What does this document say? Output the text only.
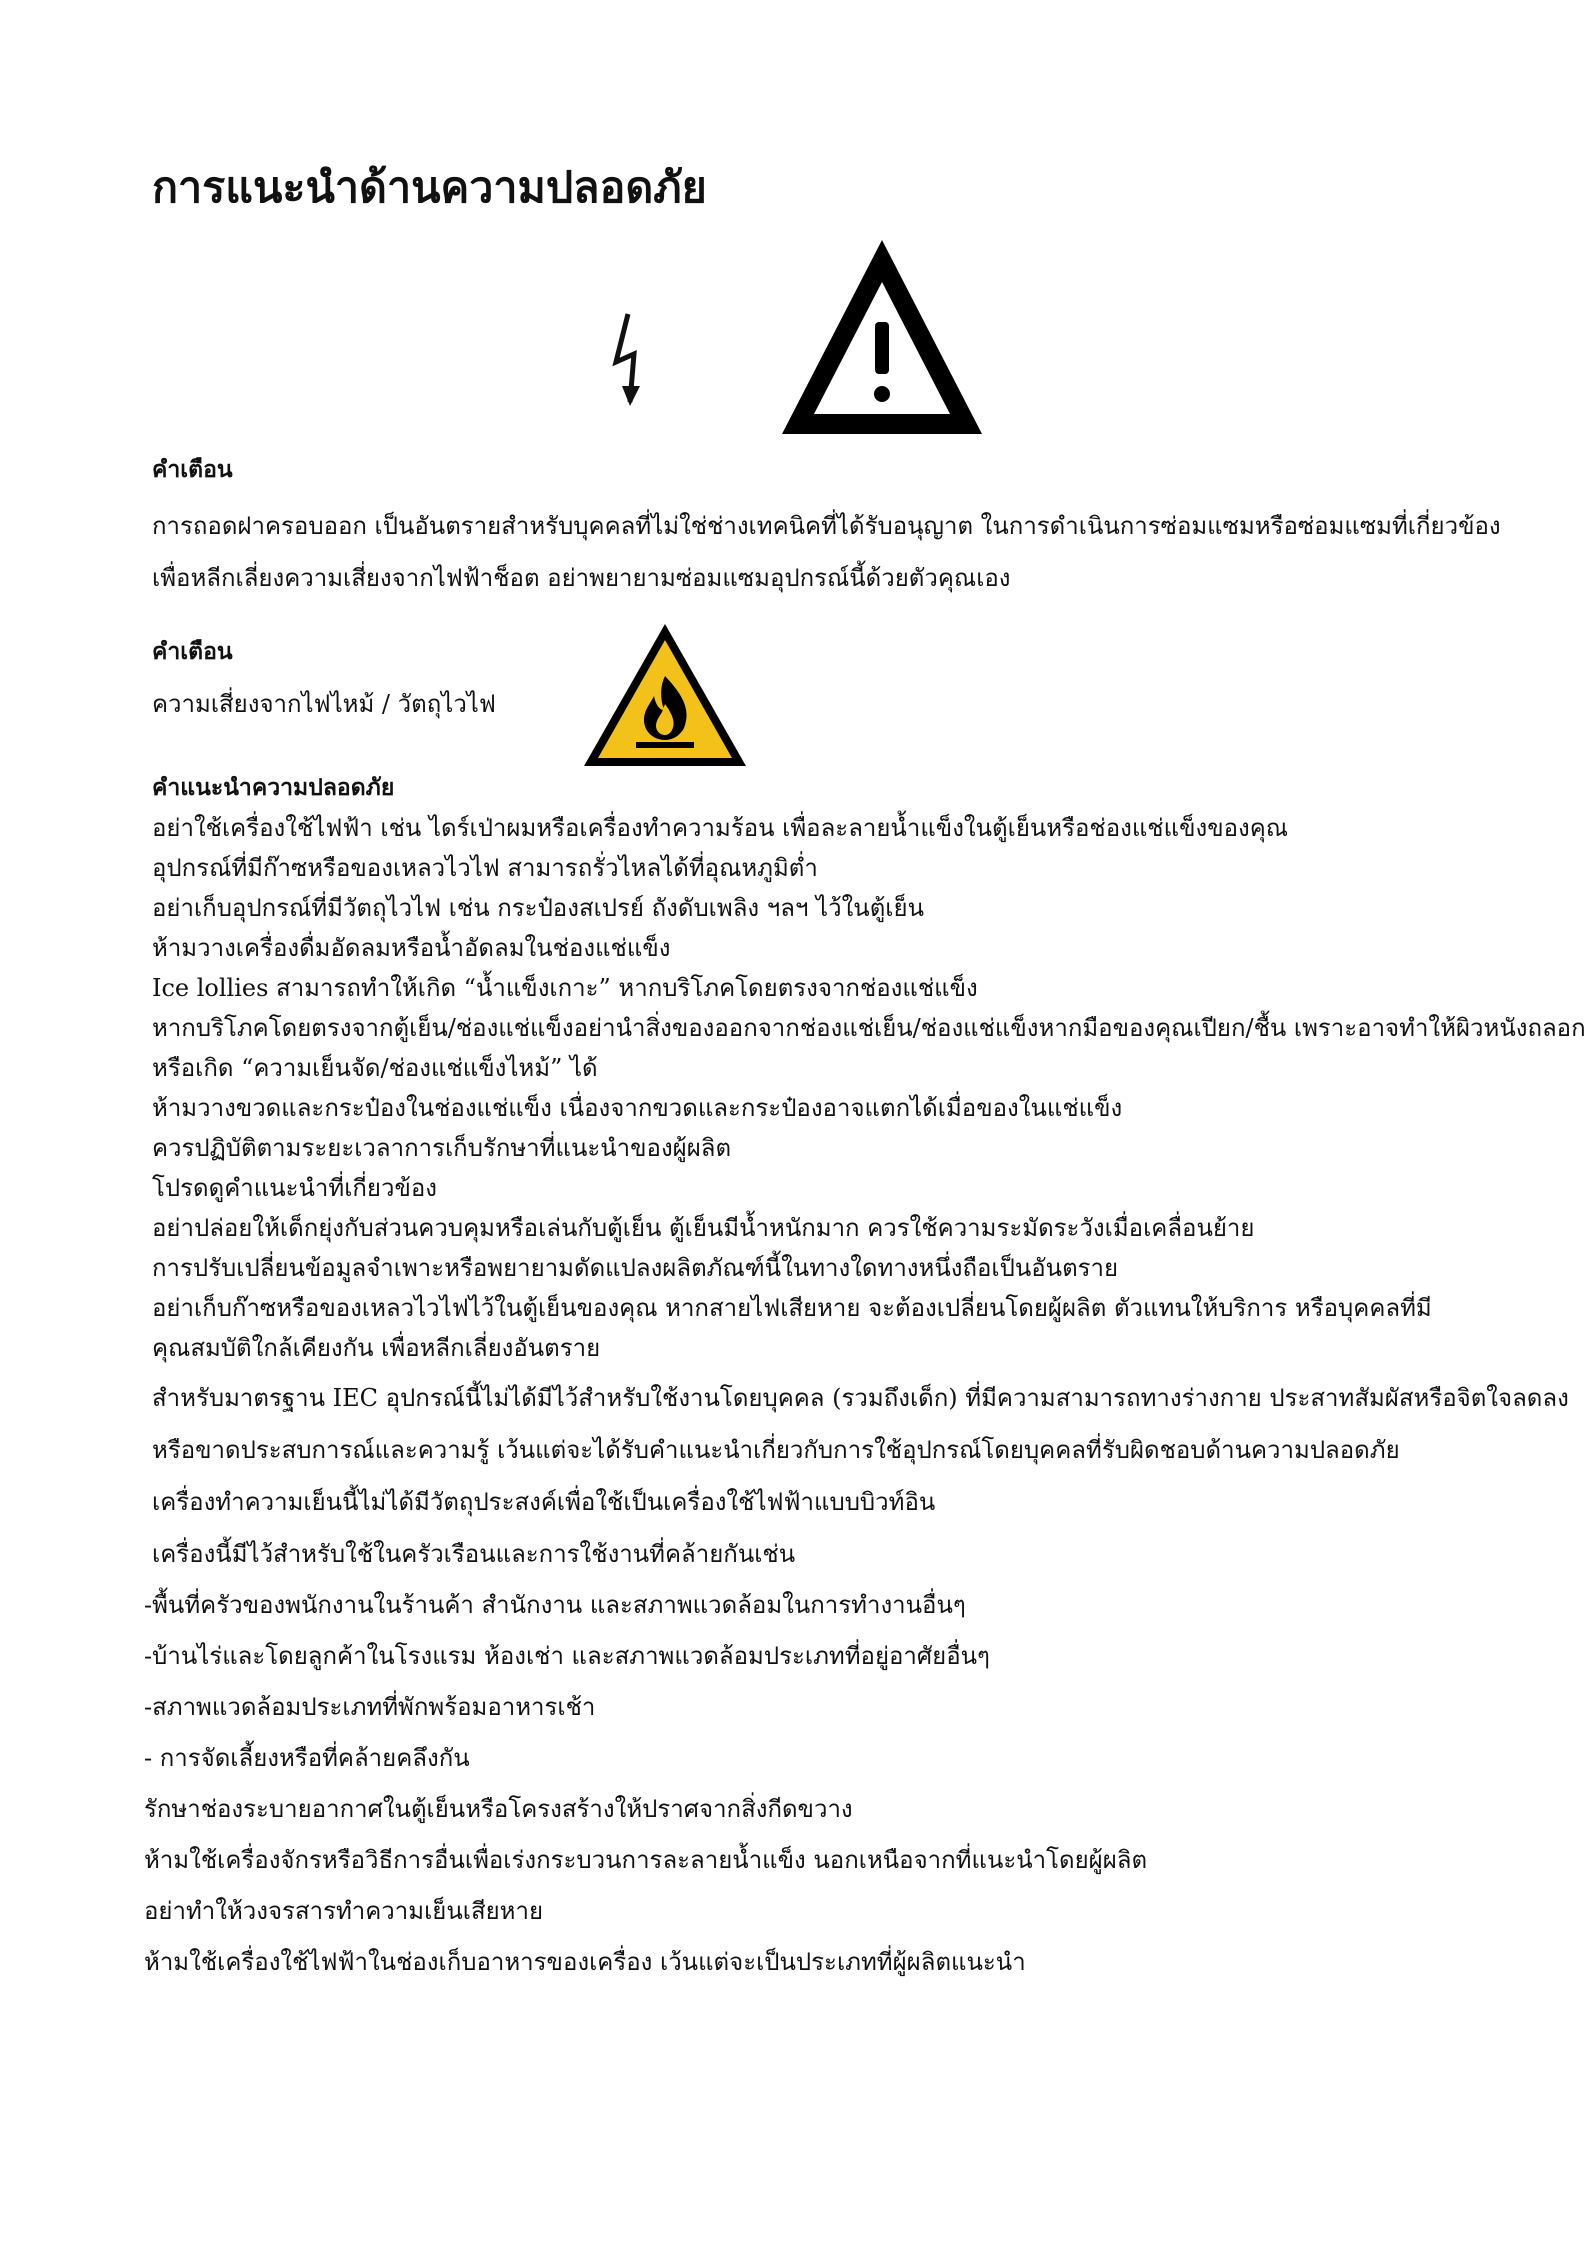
การแนะนำด้านความปลอดภัย
คำเตือน
การถอดฝาครอบออก เป็นอันตรายสำหรับบุคคลที่ไม่ใช่ช่างเทคนิคที่ได้รับอนุญาต ในการดำเนินการซ่อมแซมหรือซ่อมแซมที่เกี่ยวข้อง
เพื่อหลีกเลี่ยงความเสี่ยงจากไฟฟ้าช็อต อย่าพยายามซ่อมแซมอุปกรณ์นี้ด้วยตัวคุณเอง
คำเตือน
ความเสี่ยงจากไฟไหม้ / วัตถุไวไฟ
คำแนะนำความปลอดภัย
อย่าใช้เครื่องใช้ไฟฟ้า เช่น ไดร์เป่าผมหรือเครื่องทำความร้อน เพื่อละลายน้ำแข็งในตู้เย็นหรือช่องแช่แข็งของคุณ
อุปกรณ์ที่มีก๊าซหรือของเหลวไวไฟ สามารถรั่วไหลได้ที่อุณหภูมิต่ำ
อย่าเก็บอุปกรณ์ที่มีวัตถุไวไฟ เช่น กระป๋องสเปรย์ ถังดับเพลิง ฯลฯ ไว้ในตู้เย็น
ห้ามวางเครื่องดื่มอัดลมหรือน้ำอัดลมในช่องแช่แข็ง
Ice lollies สามารถทำให้เกิด “น้ำแข็งเกาะ” หากบริโภคโดยตรงจากช่องแช่แข็ง
หากบริโภคโดยตรงจากตู้เย็น/ช่องแช่แข็งอย่านำสิ่งของออกจากช่องแช่เย็น/ช่องแช่แข็งหากมือของคุณเปียก/ชื้น เพราะอาจทำให้ผิวหนังถลอก
หรือเกิด “ความเย็นจัด/ช่องแช่แข็งไหม้” ได้
ห้ามวางขวดและกระป๋องในช่องแช่แข็ง เนื่องจากขวดและกระป๋องอาจแตกได้เมื่อของในแช่แข็ง
ควรปฏิบัติตามระยะเวลาการเก็บรักษาที่แนะนำของผู้ผลิต
โปรดดูคำแนะนำที่เกี่ยวข้อง
อย่าปล่อยให้เด็กยุ่งกับส่วนควบคุมหรือเล่นกับตู้เย็น ตู้เย็นมีน้ำหนักมาก ควรใช้ความระมัดระวังเมื่อเคลื่อนย้าย
การปรับเปลี่ยนข้อมูลจำเพาะหรือพยายามดัดแปลงผลิตภัณฑ์นี้ในทางใดทางหนึ่งถือเป็นอันตราย
อย่าเก็บก๊าซหรือของเหลวไวไฟไว้ในตู้เย็นของคุณ หากสายไฟเสียหาย จะต้องเปลี่ยนโดยผู้ผลิต ตัวแทนให้บริการ หรือบุคคลที่มี
คุณสมบัติใกล้เคียงกัน เพื่อหลีกเลี่ยงอันตราย
สำหรับมาตรฐาน IEC อุปกรณ์นี้ไม่ได้มีไว้สำหรับใช้งานโดยบุคคล (รวมถึงเด็ก) ที่มีความสามารถทางร่างกาย ประสาทสัมผัสหรือจิตใจลดลง
หรือขาดประสบการณ์และความรู้ เว้นแต่จะได้รับคำแนะนำเกี่ยวกับการใช้อุปกรณ์โดยบุคคลที่รับผิดชอบด้านความปลอดภัย
เครื่องทำความเย็นนี้ไม่ได้มีวัตถุประสงค์เพื่อใช้เป็นเครื่องใช้ไฟฟ้าแบบบิวท์อิน
เครื่องนี้มีไว้สำหรับใช้ในครัวเรือนและการใช้งานที่คล้ายกันเช่น
-พื้นที่ครัวของพนักงานในร้านค้า สำนักงาน และสภาพแวดล้อมในการทำงานอื่นๆ
-บ้านไร่และโดยลูกค้าในโรงแรม ห้องเช่า และสภาพแวดล้อมประเภทที่อยู่อาศัยอื่นๆ
-สภาพแวดล้อมประเภทที่พักพร้อมอาหารเช้า
- การจัดเลี้ยงหรือที่คล้ายคลึงกัน
รักษาช่องระบายอากาศในตู้เย็นหรือโครงสร้างให้ปราศจากสิ่งกีดขวาง
ห้ามใช้เครื่องจักรหรือวิธีการอื่นเพื่อเร่งกระบวนการละลายน้ำแข็ง นอกเหนือจากที่แนะนำโดยผู้ผลิต
อย่าทำให้วงจรสารทำความเย็นเสียหาย
ห้ามใช้เครื่องใช้ไฟฟ้าในช่องเก็บอาหารของเครื่อง เว้นแต่จะเป็นประเภทที่ผู้ผลิตแนะนำ
